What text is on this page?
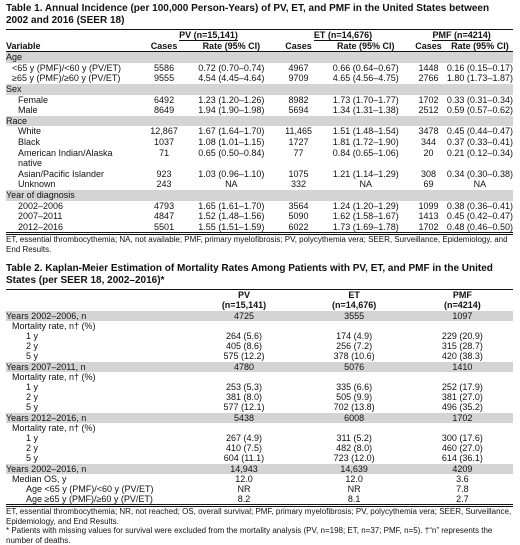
Table 1. Annual Incidence (per 100,000 Person-Years) of PV, ET, and PMF in the United States between 2002 and 2016 (SEER 18)
	PV (n=15,141)		ET (n=14,676)		PMF (n=4214)	
Variable	Cases	Rate (95% CI)	Cases	Rate (95% CI)	Cases	Rate (95% CI)
Age						
<65 y (PMF)/<60 y (PV/ET)	5586	0.72 (0.70–0.74)	4967	0.66 (0.64–0.67)	1448	0.16 (0.15–0.17)
≥65 y (PMF)/≥60 y (PV/ET)	9555	4.54 (4.45–4.64)	9709	4.65 (4.56–4.75)	2766	1.80 (1.73–1.87)
Sex						
Female	6492	1.23 (1.20–1.26)	8982	1.73 (1.70–1.77)	1702	0.33 (0.31–0.34)
Male	8649	1.94 (1.90–1.98)	5694	1.34 (1.31–1.38)	2512	0.59 (0.57–0.62)
Race						
White	12,867	1.67 (1.64–1.70)	11,465	1.51 (1.48–1.54)	3478	0.45 (0.44–0.47)
Black	1037	1.08 (1.01–1.15)	1727	1.81 (1.72–1.90)	344	0.37 (0.33–0.41)
American Indian/Alaska	71	0.65 (0.50–0.84)	77	0.84 (0.65–1.06)	20	0.21 (0.12–0.34)
native						
Asian/Pacific Islander	923	1.03 (0.96–1.10)	1075	1.21 (1.14–1.29)	308	0.34 (0.30–0.38)
Unknown	243	NA	332	NA	69	NA
Year of diagnosis						
2002–2006	4793	1.65 (1.61–1.70)	3564	1.24 (1.20–1.29)	1099	0.38 (0.36–0.41)
2007–2011	4847	1.52 (1.48–1.56)	5090	1.62 (1.58–1.67)	1413	0.45 (0.42–0.47)
2012–2016	5501	1.55 (1.51–1.59)	6022	1.73 (1.69–1.78)	1702	0.48 (0.46–0.50)
ET, essential thrombocythemia; NA, not available; PMF, primary myelofibrosis; PV, polycythemia vera; SEER, Surveillance, Epidemiology, and End Results.
Table 2. Kaplan-Meier Estimation of Mortality Rates Among Patients with PV, ET, and PMF in the United States (per SEER 18, 2002–2016)*
	PV	ET	PMF
	(n=15,141)	(n=14,676)	(n=4214)
Years 2002–2006, n	4725	3555	1097
Mortality rate, n† (%)			
1 y	264 (5.6)	174 (4.9)	229 (20.9)
2 y	405 (8.6)	256 (7.2)	315 (28.7)
5 y	575 (12.2)	378 (10.6)	420 (38.3)
Years 2007–2011, n	4780	5076	1410
Mortality rate, n† (%)			
1 y	253 (5.3)	335 (6.6)	252 (17.9)
2 y	381 (8.0)	505 (9.9)	381 (27.0)
5 y	577 (12.1)	702 (13.8)	496 (35.2)
Years 2012–2016, n	5438	6008	1702
Mortality rate, n† (%)			
1 y	267 (4.9)	311 (5.2)	300 (17.6)
2 y	410 (7.5)	482 (8.0)	460 (27.0)
5 y	604 (11.1)	723 (12.0)	614 (36.1)
Years 2002–2016, n	14,943	14,639	4209
Median OS, y	12.0	12.0	3.6
Age <65 y (PMF)/<60 y (PV/ET)	NR	NR	7.8
Age ≥65 y (PMF)/≥60 y (PV/ET)	8.2	8.1	2.7
ET, essential thrombocythemia; NR, not reached; OS, overall survival; PMF, primary myelofibrosis; PV, polycythemia vera; SEER, Surveillance, Epidemiology, and End Results.
* Patients with missing values for survival were excluded from the mortality analysis (PV, n=198; ET, n=37; PMF, n=5). †“n” represents the number of deaths.
